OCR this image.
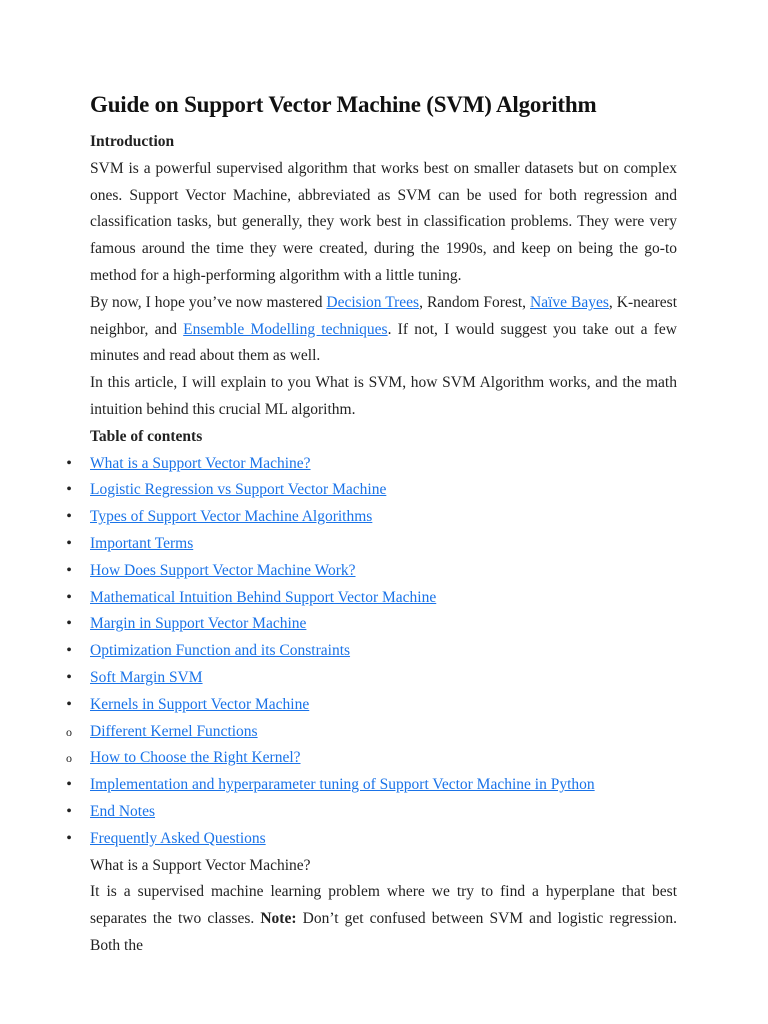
Guide on Support Vector Machine (SVM) Algorithm
Introduction

SVM is a powerful supervised algorithm that works best on smaller datasets but on complex ones. Support Vector Machine, abbreviated as SVM can be used for both regression and classification tasks, but generally, they work best in classification problems. They were very famous around the time they were created, during the 1990s, and keep on being the go-to method for a high-performing algorithm with a little tuning.

By now, I hope you’ve now mastered Decision Trees, Random Forest, Naïve Bayes, K-nearest neighbor, and Ensemble Modelling techniques. If not, I would suggest you take out a few minutes and read about them as well.

In this article, I will explain to you What is SVM, how SVM Algorithm works, and the math intuition behind this crucial ML algorithm.

Table of contents
•
What is a Support Vector Machine?
•
Logistic Regression vs Support Vector Machine
•
Types of Support Vector Machine Algorithms
•
Important Terms
•
How Does Support Vector Machine Work?
•
Mathematical Intuition Behind Support Vector Machine
•
Margin in Support Vector Machine
•
Optimization Function and its Constraints
•
Soft Margin SVM
•
Kernels in Support Vector Machine
o
Different Kernel Functions
o
How to Choose the Right Kernel?
•
Implementation and hyperparameter tuning of Support Vector Machine in Python
•
End Notes
•
Frequently Asked Questions
What is a Support Vector Machine?

It is a supervised machine learning problem where we try to find a hyperplane that best separates the two classes. Note: Don’t get confused between SVM and logistic regression. Both the
